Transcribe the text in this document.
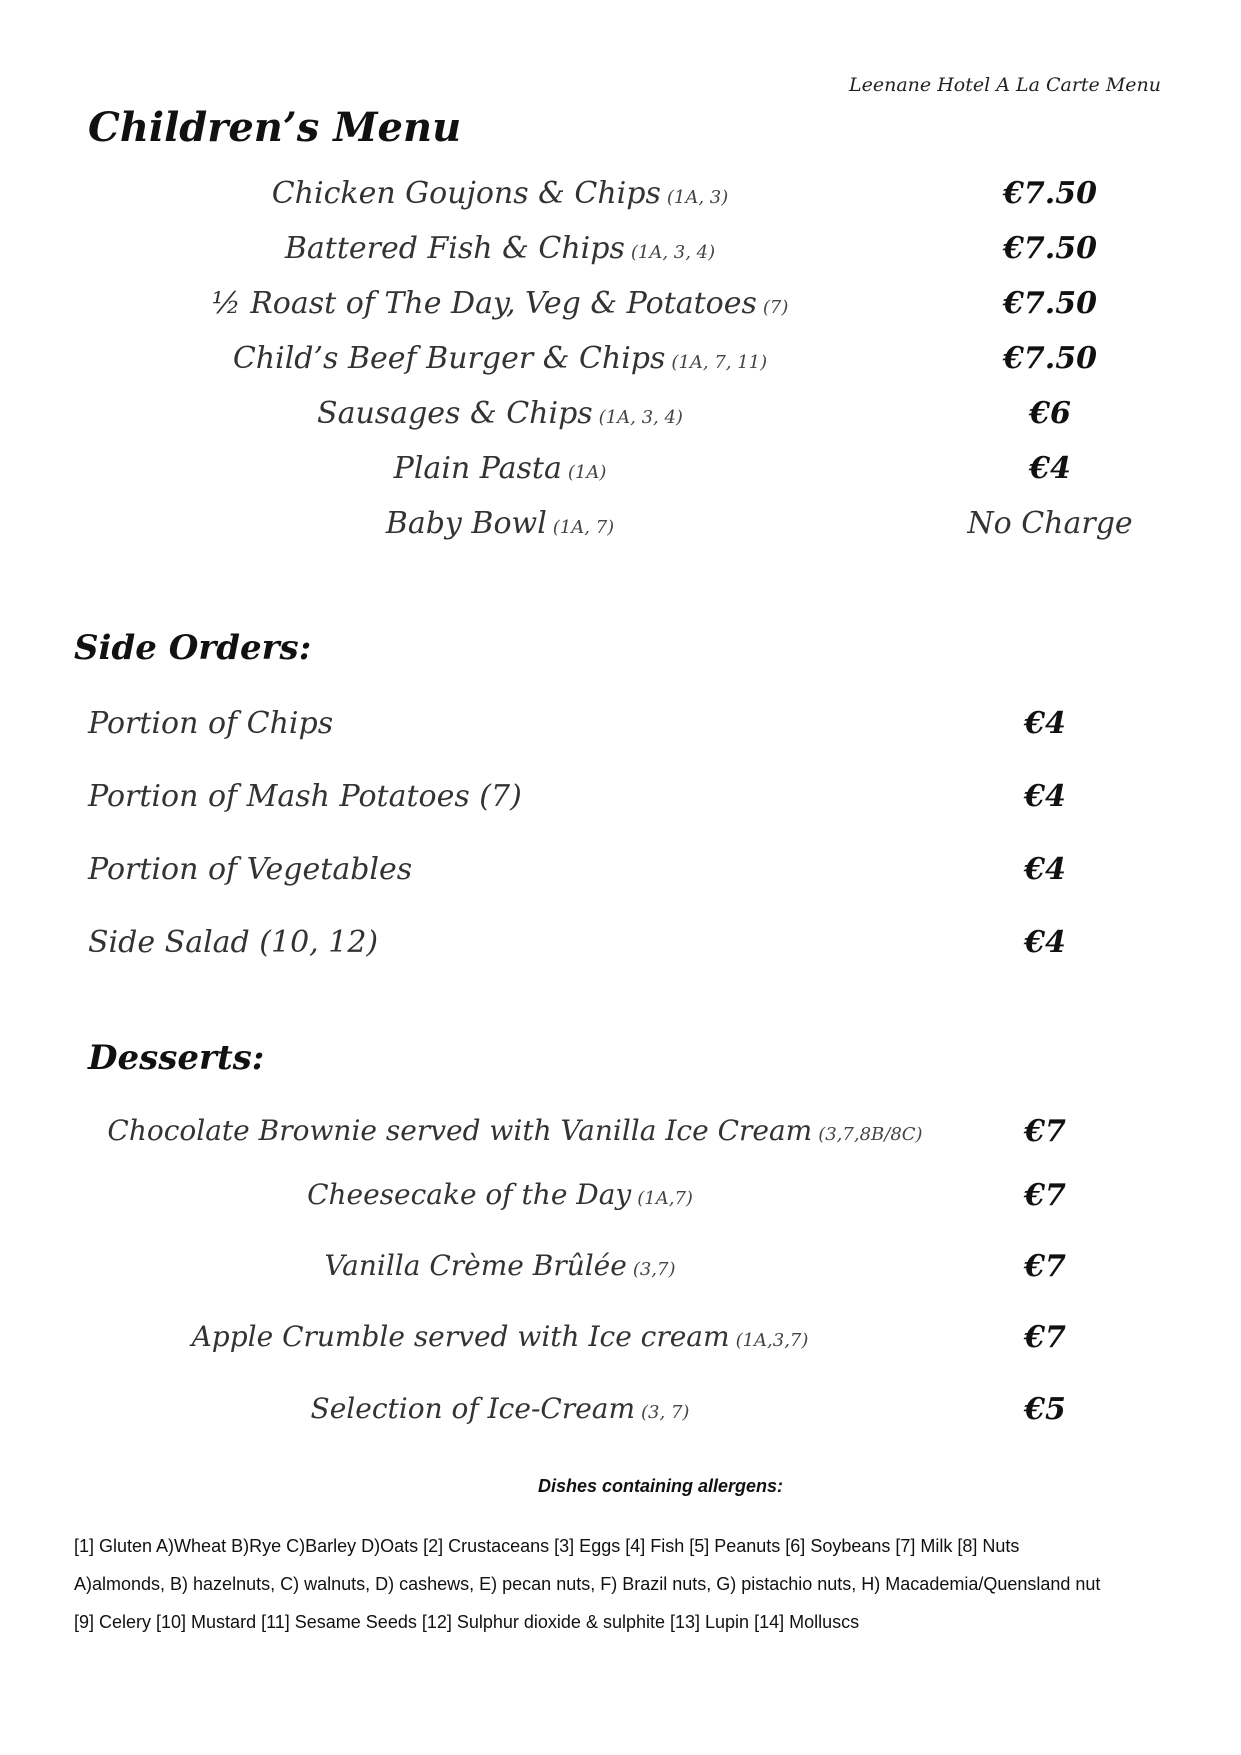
Leenane Hotel A La Carte Menu
Children’s Menu
Chicken Goujons & Chips (1A, 3)	€7.50
Battered Fish & Chips (1A, 3, 4)	€7.50
½ Roast of The Day, Veg & Potatoes (7)	€7.50
Child’s Beef Burger & Chips (1A, 7, 11)	€7.50
Sausages & Chips (1A, 3, 4)	€6
Plain Pasta (1A)	€4
Baby Bowl (1A, 7)	No Charge
Side Orders:
Portion of Chips	€4
Portion of Mash Potatoes (7)	€4
Portion of Vegetables	€4
Side Salad (10, 12)	€4
Desserts:
Chocolate Brownie served with Vanilla Ice Cream (3,7,8B/8C)	€7
Cheesecake of the Day (1A,7)	€7
Vanilla Crème Brûlée (3,7)	€7
Apple Crumble served with Ice cream (1A,3,7)	€7
Selection of Ice-Cream (3, 7)	€5
Dishes containing allergens:
[1] Gluten A)Wheat B)Rye C)Barley D)Oats [2] Crustaceans [3] Eggs [4] Fish [5] Peanuts [6] Soybeans [7] Milk [8] Nuts
A)almonds, B) hazelnuts, C) walnuts, D) cashews, E) pecan nuts, F) Brazil nuts, G) pistachio nuts, H) Macademia/Quensland nut
[9] Celery [10] Mustard [11] Sesame Seeds [12] Sulphur dioxide & sulphite [13] Lupin [14] Molluscs
